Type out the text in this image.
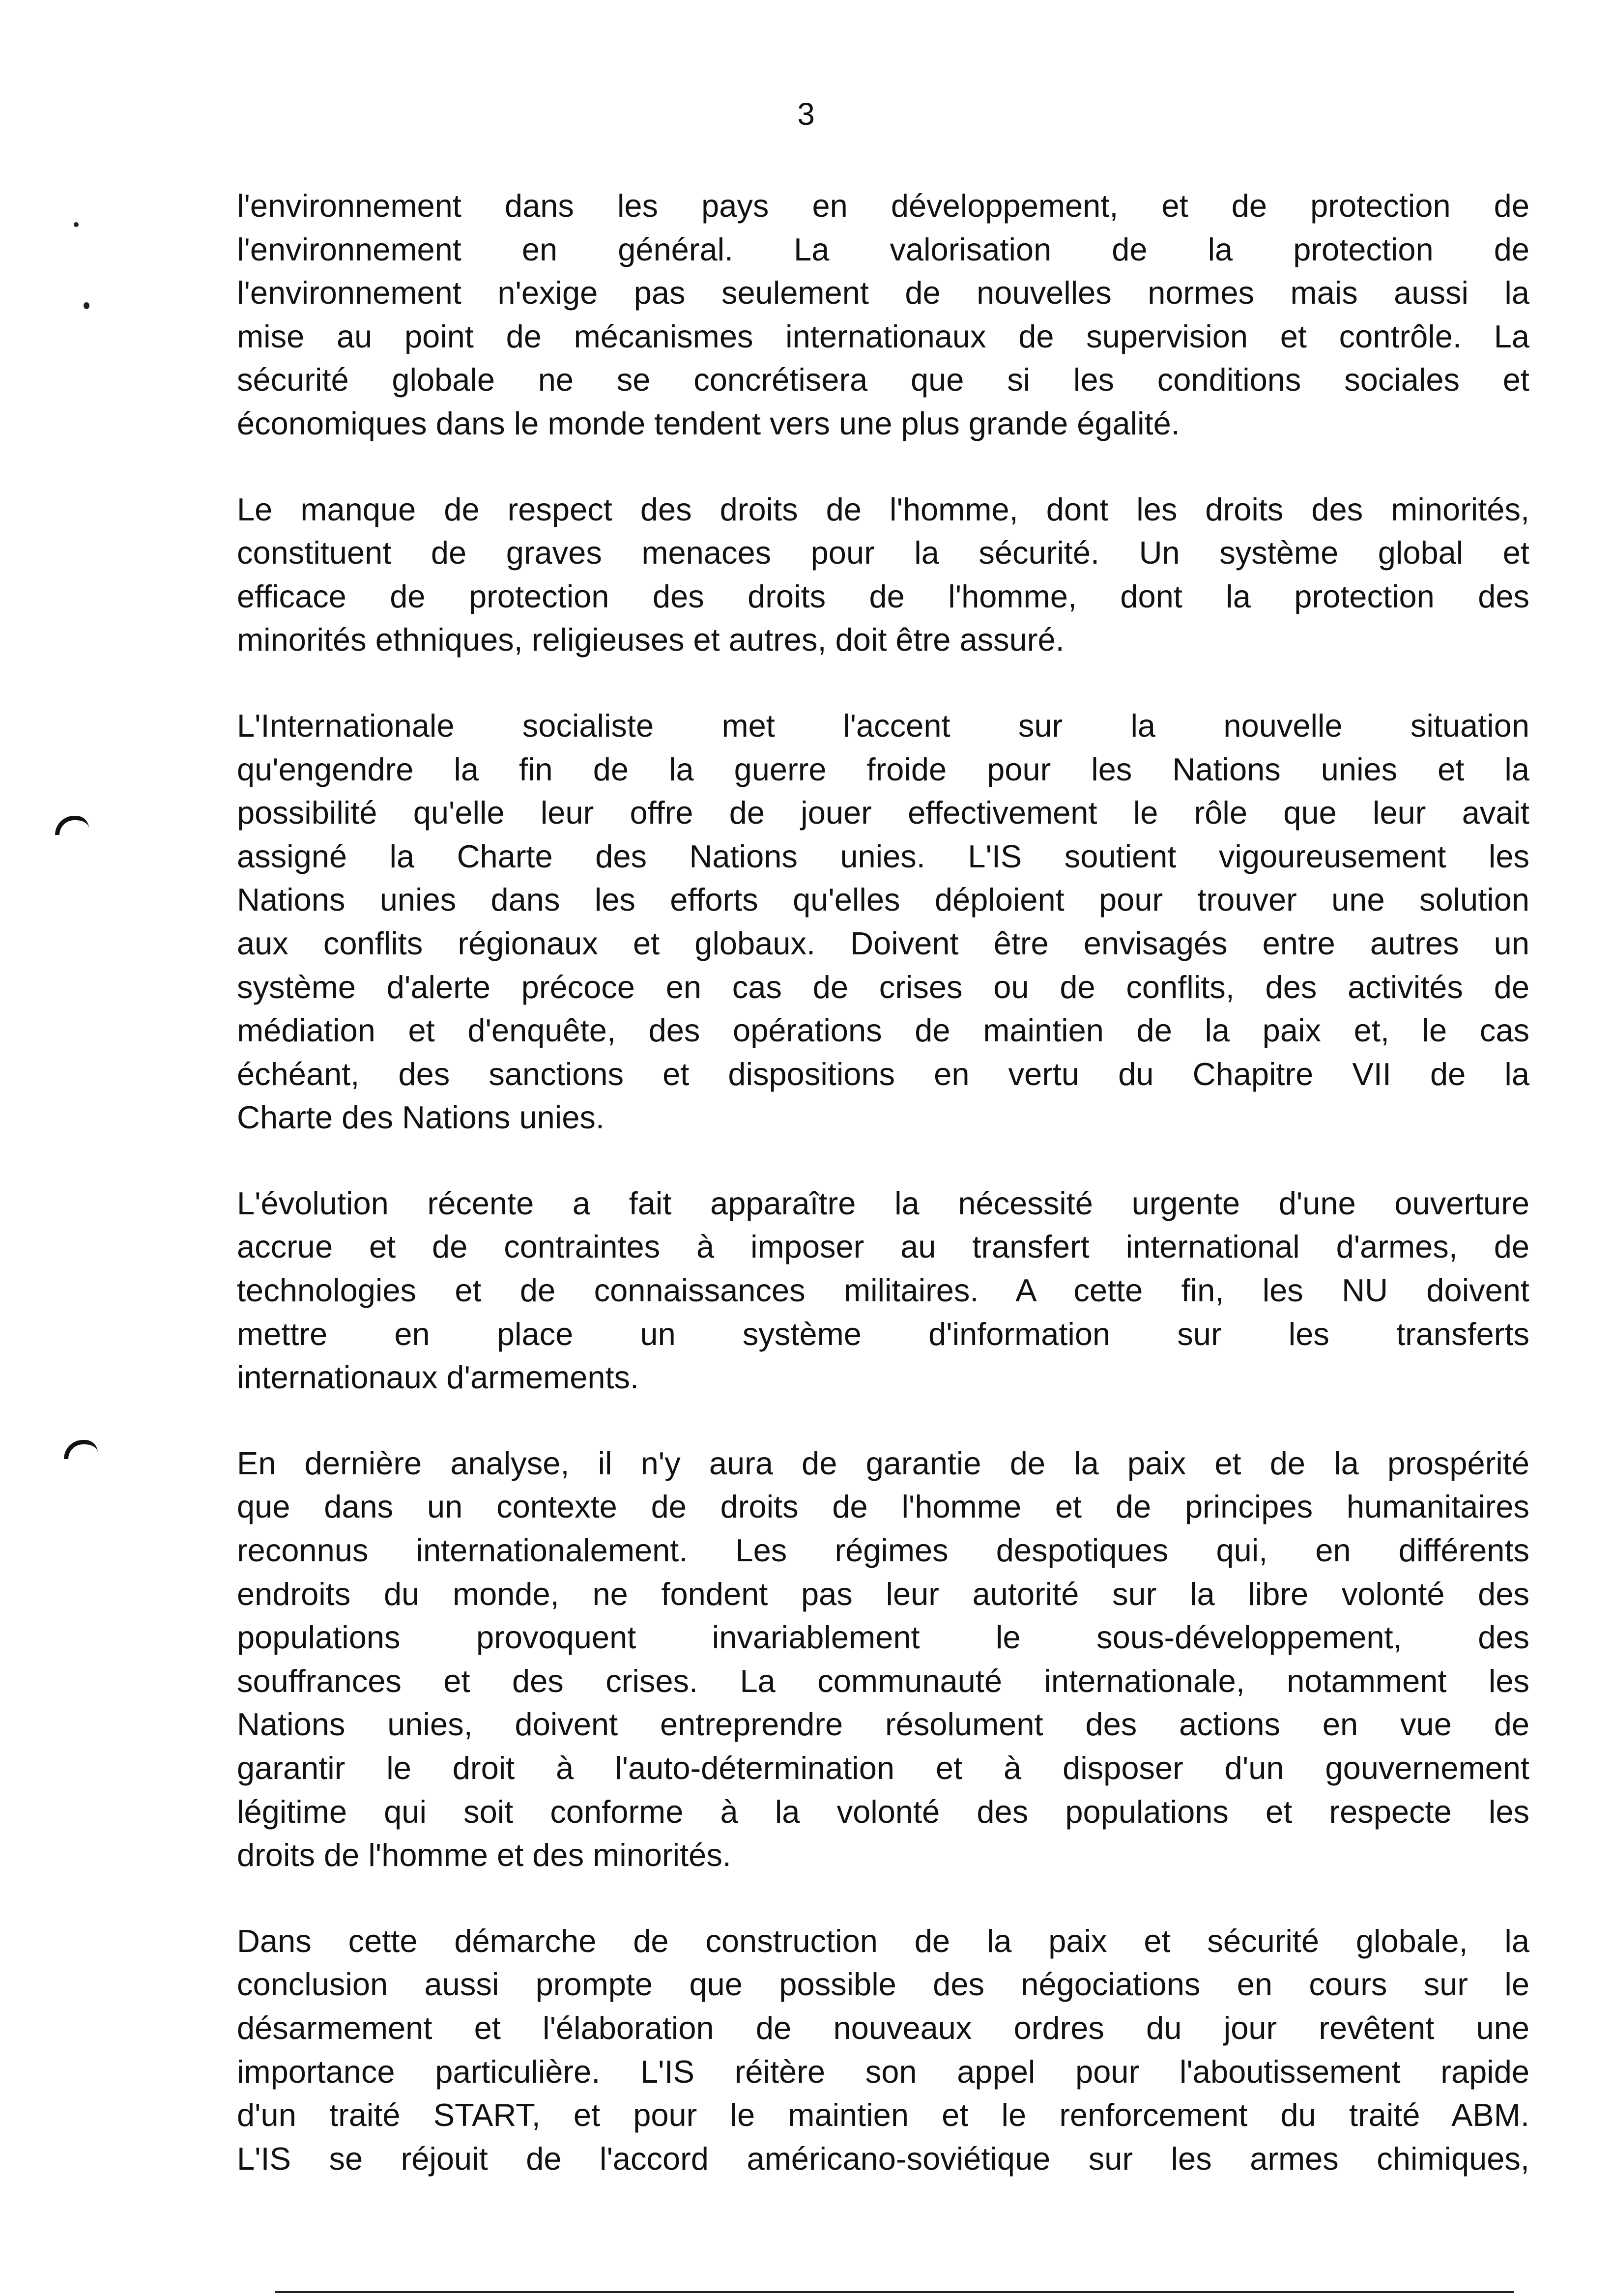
3
l'environnement dans les pays en développement, et de protection de
l'environnement en général. La valorisation de la protection de
l'environnement n'exige pas seulement de nouvelles normes mais aussi la
mise au point de mécanismes internationaux de supervision et contrôle. La
sécurité globale ne se concrétisera que si les conditions sociales et
économiques dans le monde tendent vers une plus grande égalité.
Le manque de respect des droits de l'homme, dont les droits des minorités,
constituent de graves menaces pour la sécurité. Un système global et
efficace de protection des droits de l'homme, dont la protection des
minorités ethniques, religieuses et autres, doit être assuré.
L'Internationale socialiste met l'accent sur la nouvelle situation
qu'engendre la fin de la guerre froide pour les Nations unies et la
possibilité qu'elle leur offre de jouer effectivement le rôle que leur avait
assigné la Charte des Nations unies. L'IS soutient vigoureusement les
Nations unies dans les efforts qu'elles déploient pour trouver une solution
aux conflits régionaux et globaux. Doivent être envisagés entre autres un
système d'alerte précoce en cas de crises ou de conflits, des activités de
médiation et d'enquête, des opérations de maintien de la paix et, le cas
échéant, des sanctions et dispositions en vertu du Chapitre VII de la
Charte des Nations unies.
L'évolution récente a fait apparaître la nécessité urgente d'une ouverture
accrue et de contraintes à imposer au transfert international d'armes, de
technologies et de connaissances militaires. A cette fin, les NU doivent
mettre en place un système d'information sur les transferts
internationaux d'armements.
En dernière analyse, il n'y aura de garantie de la paix et de la prospérité
que dans un contexte de droits de l'homme et de principes humanitaires
reconnus internationalement. Les régimes despotiques qui, en différents
endroits du monde, ne fondent pas leur autorité sur la libre volonté des
populations provoquent invariablement le sous-développement, des
souffrances et des crises. La communauté internationale, notamment les
Nations unies, doivent entreprendre résolument des actions en vue de
garantir le droit à l'auto-détermination et à disposer d'un gouvernement
légitime qui soit conforme à la volonté des populations et respecte les
droits de l'homme et des minorités.
Dans cette démarche de construction de la paix et sécurité globale, la
conclusion aussi prompte que possible des négociations en cours sur le
désarmement et l'élaboration de nouveaux ordres du jour revêtent une
importance particulière. L'IS réitère son appel pour l'aboutissement rapide
d'un traité START, et pour le maintien et le renforcement du traité ABM.
L'IS se réjouit de l'accord américano-soviétique sur les armes chimiques,
